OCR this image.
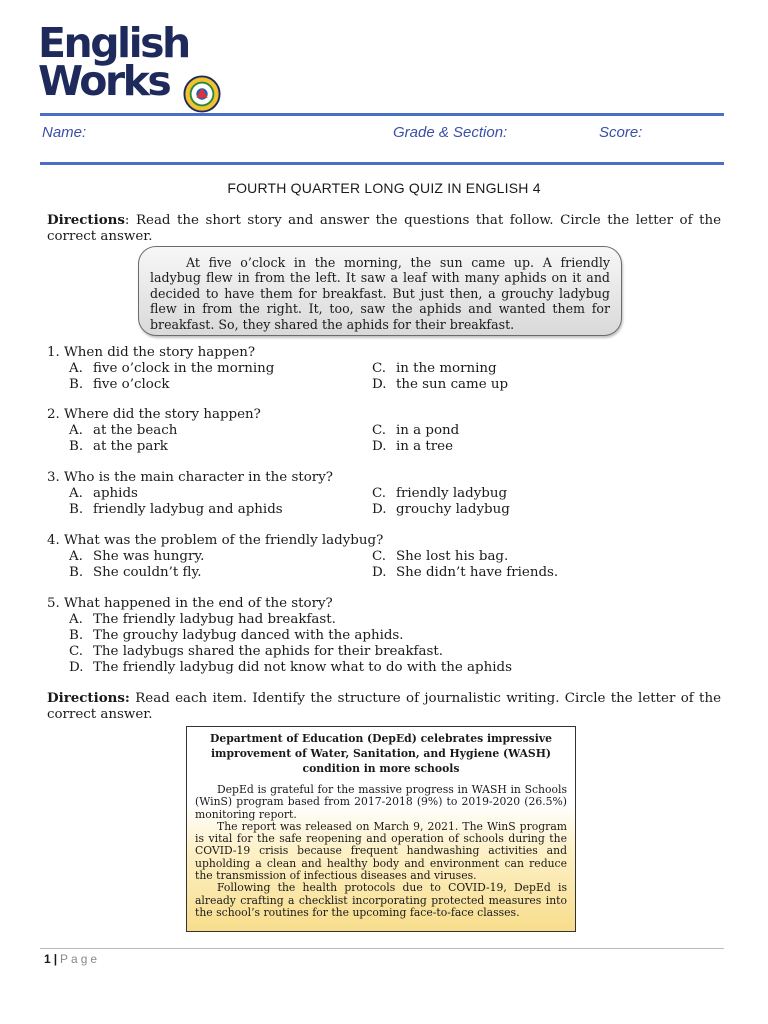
English
Works
Name:	Grade & Section:	Score:
FOURTH QUARTER LONG QUIZ IN ENGLISH 4
Directions: Read the short story and answer the questions that follow. Circle the letter of the correct answer.
At five o’clock in the morning, the sun came up. A friendly ladybug flew in from the left. It saw a leaf with many aphids on it and decided to have them for breakfast. But just then, a grouchy ladybug flew in from the right. It, too, saw the aphids and wanted them for breakfast. So, they shared the aphids for their breakfast.
1. When did the story happen?
A. five o’clock in the morning	C. in the morning
B. five o’clock	D. the sun came up
2. Where did the story happen?
A. at the beach	C. in a pond
B. at the park	D. in a tree
3. Who is the main character in the story?
A. aphids	C. friendly ladybug
B. friendly ladybug and aphids	D. grouchy ladybug
4. What was the problem of the friendly ladybug?
A. She was hungry.	C. She lost his bag.
B. She couldn’t fly.	D. She didn’t have friends.
5. What happened in the end of the story?
A. The friendly ladybug had breakfast.
B. The grouchy ladybug danced with the aphids.
C. The ladybugs shared the aphids for their breakfast.
D. The friendly ladybug did not know what to do with the aphids
Directions: Read each item. Identify the structure of journalistic writing. Circle the letter of the correct answer.
Department of Education (DepEd) celebrates impressive improvement of Water, Sanitation, and Hygiene (WASH) condition in more schools

DepEd is grateful for the massive progress in WASH in Schools (WinS) program based from 2017-2018 (9%) to 2019-2020 (26.5%) monitoring report.

The report was released on March 9, 2021. The WinS program is vital for the safe reopening and operation of schools during the COVID-19 crisis because frequent handwashing activities and upholding a clean and healthy body and environment can reduce the transmission of infectious diseases and viruses.

Following the health protocols due to COVID-19, DepEd is already crafting a checklist incorporating protected measures into the school’s routines for the upcoming face-to-face classes.

1 | Page
